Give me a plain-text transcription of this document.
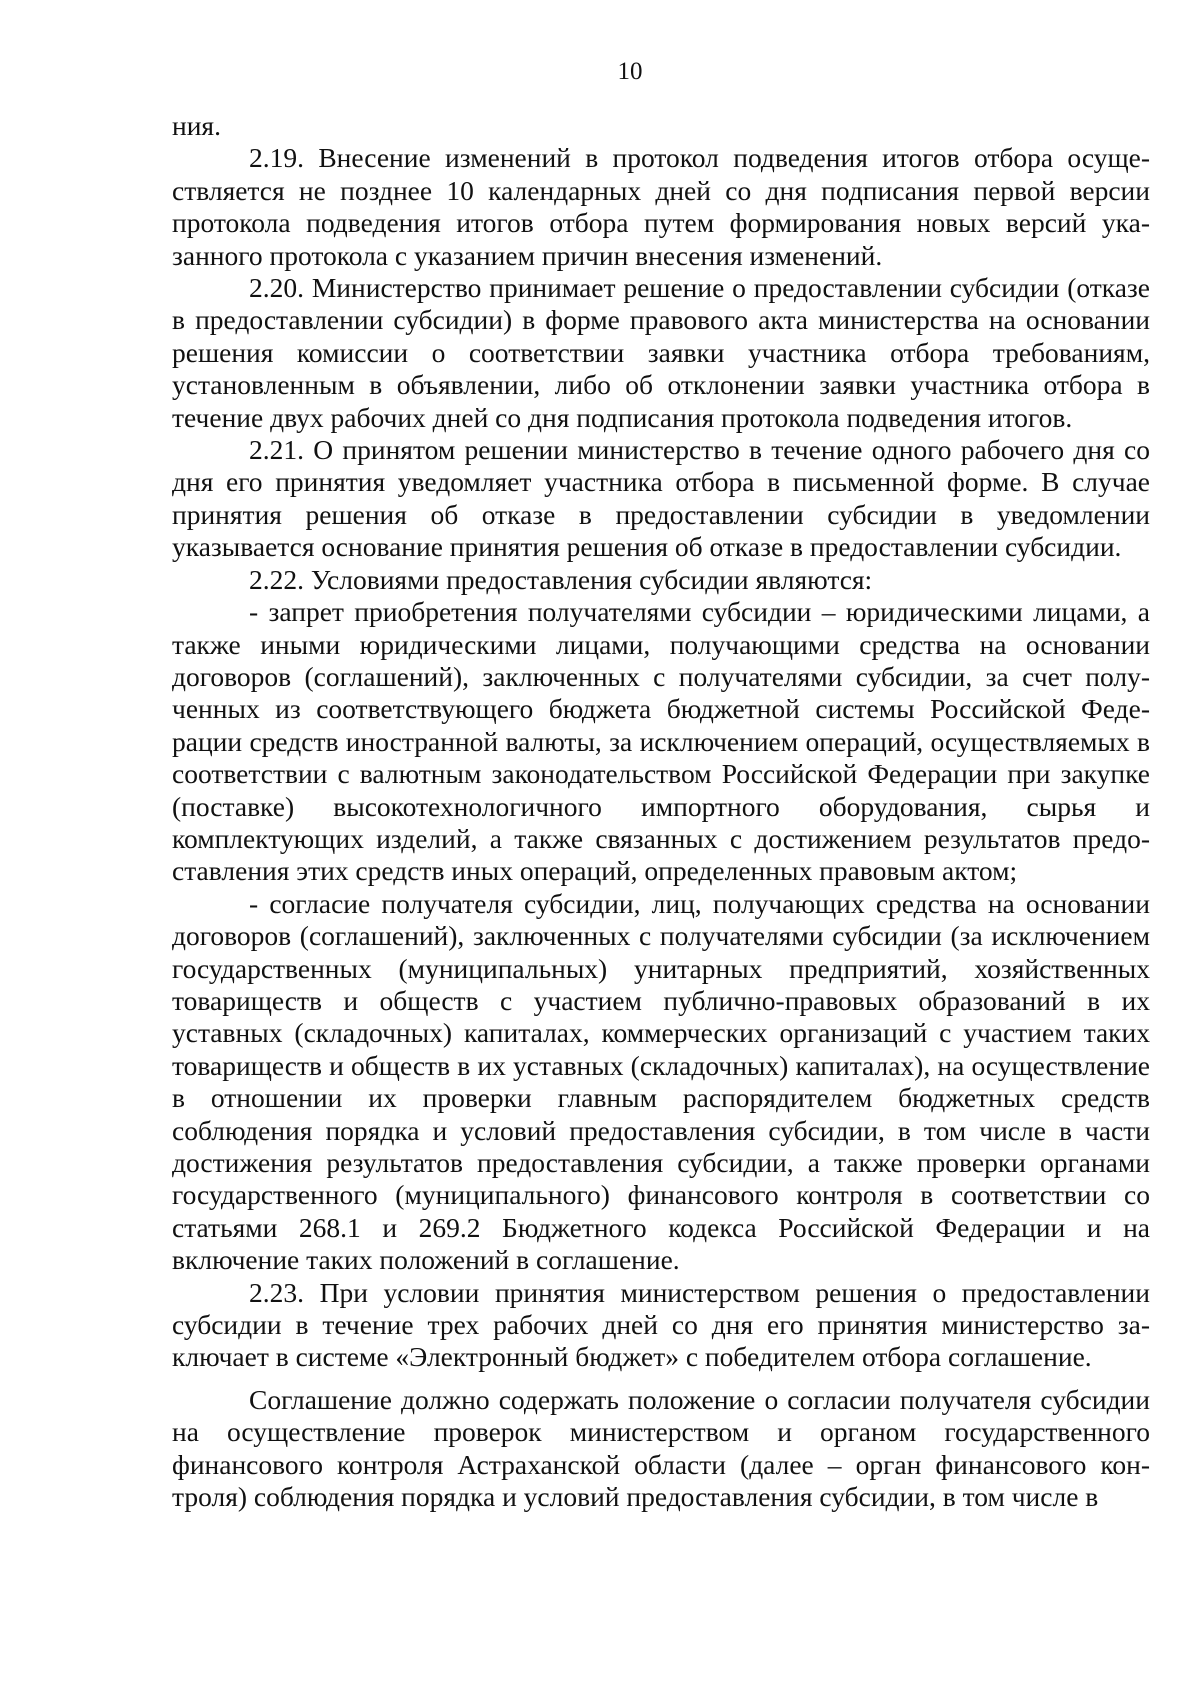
10

ния.

2.19. Внесение изменений в протокол подведения итогов отбора осуществляется не позднее 10 календарных дней со дня подписания первой версии протокола подведения итогов отбора путем формирования новых версий указанного протокола с указанием причин внесения изменений.

2.20. Министерство принимает решение о предоставлении субсидии (отказе в предоставлении субсидии) в форме правового акта министерства на основании решения комиссии о соответствии заявки участника отбора требованиям, установленным в объявлении, либо об отклонении заявки участника отбора в течение двух рабочих дней со дня подписания протокола подведения итогов.

2.21. О принятом решении министерство в течение одного рабочего дня со дня его принятия уведомляет участника отбора в письменной форме. В случае принятия решения об отказе в предоставлении субсидии в уведомлении указывается основание принятия решения об отказе в предоставлении субсидии.

2.22. Условиями предоставления субсидии являются:

- запрет приобретения получателями субсидии – юридическими лицами, а также иными юридическими лицами, получающими средства на основании договоров (соглашений), заключенных с получателями субсидии, за счет полученных из соответствующего бюджета бюджетной системы Российской Федерации средств иностранной валюты, за исключением операций, осуществляемых в соответствии с валютным законодательством Российской Федерации при закупке (поставке) высокотехнологичного импортного оборудования, сырья и комплектующих изделий, а также связанных с достижением результатов предоставления этих средств иных операций, определенных правовым актом;

- согласие получателя субсидии, лиц, получающих средства на основании договоров (соглашений), заключенных с получателями субсидии (за исключением государственных (муниципальных) унитарных предприятий, хозяйственных товариществ и обществ с участием публично-правовых образований в их уставных (складочных) капиталах, коммерческих организаций с участием таких товариществ и обществ в их уставных (складочных) капиталах), на осуществление в отношении их проверки главным распорядителем бюджетных средств соблюдения порядка и условий предоставления субсидии, в том числе в части достижения результатов предоставления субсидии, а также проверки органами государственного (муниципального) финансового контроля в соответствии со статьями 268.1 и 269.2 Бюджетного кодекса Российской Федерации и на включение таких положений в соглашение.

2.23. При условии принятия министерством решения о предоставлении субсидии в течение трех рабочих дней со дня его принятия министерство заключает в системе «Электронный бюджет» с победителем отбора соглашение.

Соглашение должно содержать положение о согласии получателя субсидии на осуществление проверок министерством и органом государственного финансового контроля Астраханской области (далее – орган финансового контроля) соблюдения порядка и условий предоставления субсидии, в том числе в
